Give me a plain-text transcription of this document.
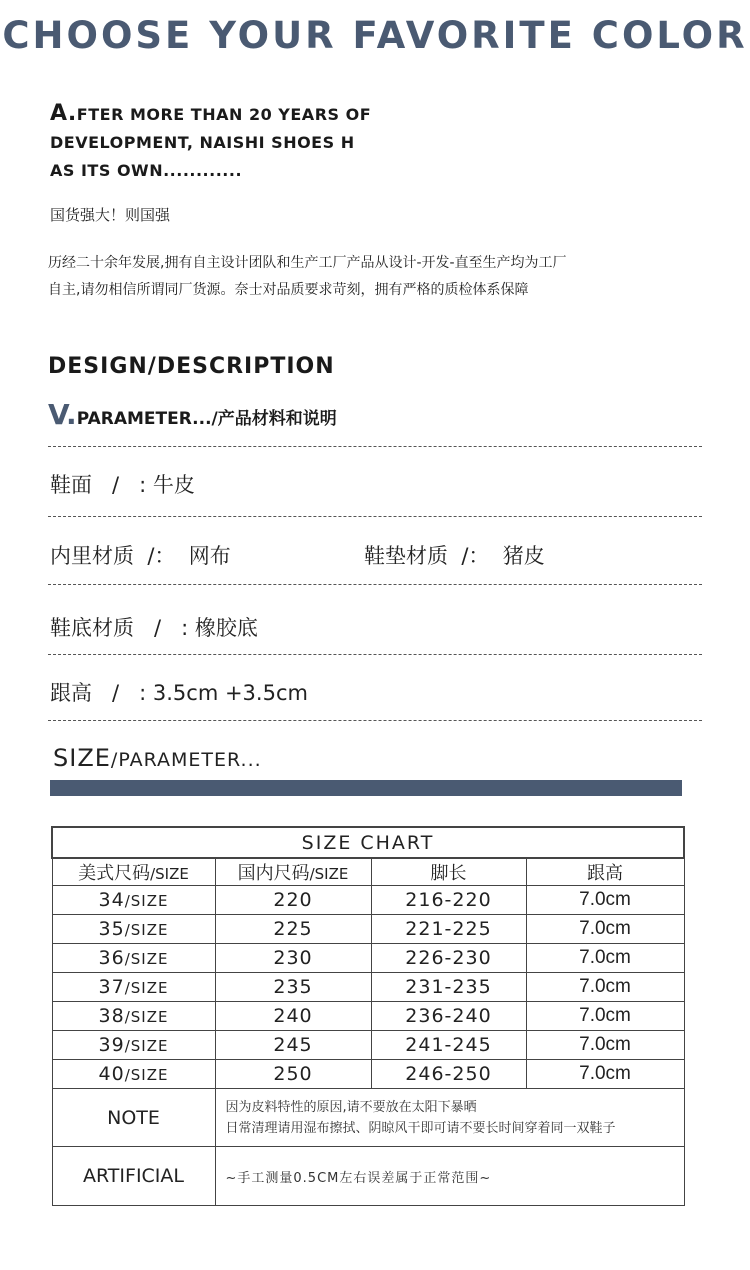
CHOOSE YOUR FAVORITE COLOR
A.FTER MORE THAN 20 YEARS OF
DEVELOPMENT, NAISHI SHOES H
AS ITS OWN............
国货强大！则国强
历经二十余年发展,拥有自主设计团队和生产工厂产品从设计-开发-直至生产均为工厂
自主,请勿相信所谓同厂货源。奈士对品质要求苛刻，拥有严格的质检体系保障
DESIGN/DESCRIPTION
V.PARAMETER.../产品材料和说明
鞋面   /   : 牛皮
内里材质  /：  网布	鞋垫材质  /：  猪皮
鞋底材质   /   : 橡胶底
跟高   /   : 3.5cm +3.5cm
SIZE/PARAMETER...
SIZE CHART			
美式尺码/SIZE	国内尺码/SIZE	脚长	跟高
34/SIZE	220	216-220	7.0cm
35/SIZE	225	221-225	7.0cm
36/SIZE	230	226-230	7.0cm
37/SIZE	235	231-235	7.0cm
38/SIZE	240	236-240	7.0cm
39/SIZE	245	241-245	7.0cm
40/SIZE	250	246-250	7.0cm
NOTE	因为皮料特性的原因,请不要放在太阳下暴晒
日常清理请用湿布擦拭、阴晾风干即可请不要长时间穿着同一双鞋子		

ARTIFICIAL	~手工测量0.5CM左右误差属于正常范围~		
